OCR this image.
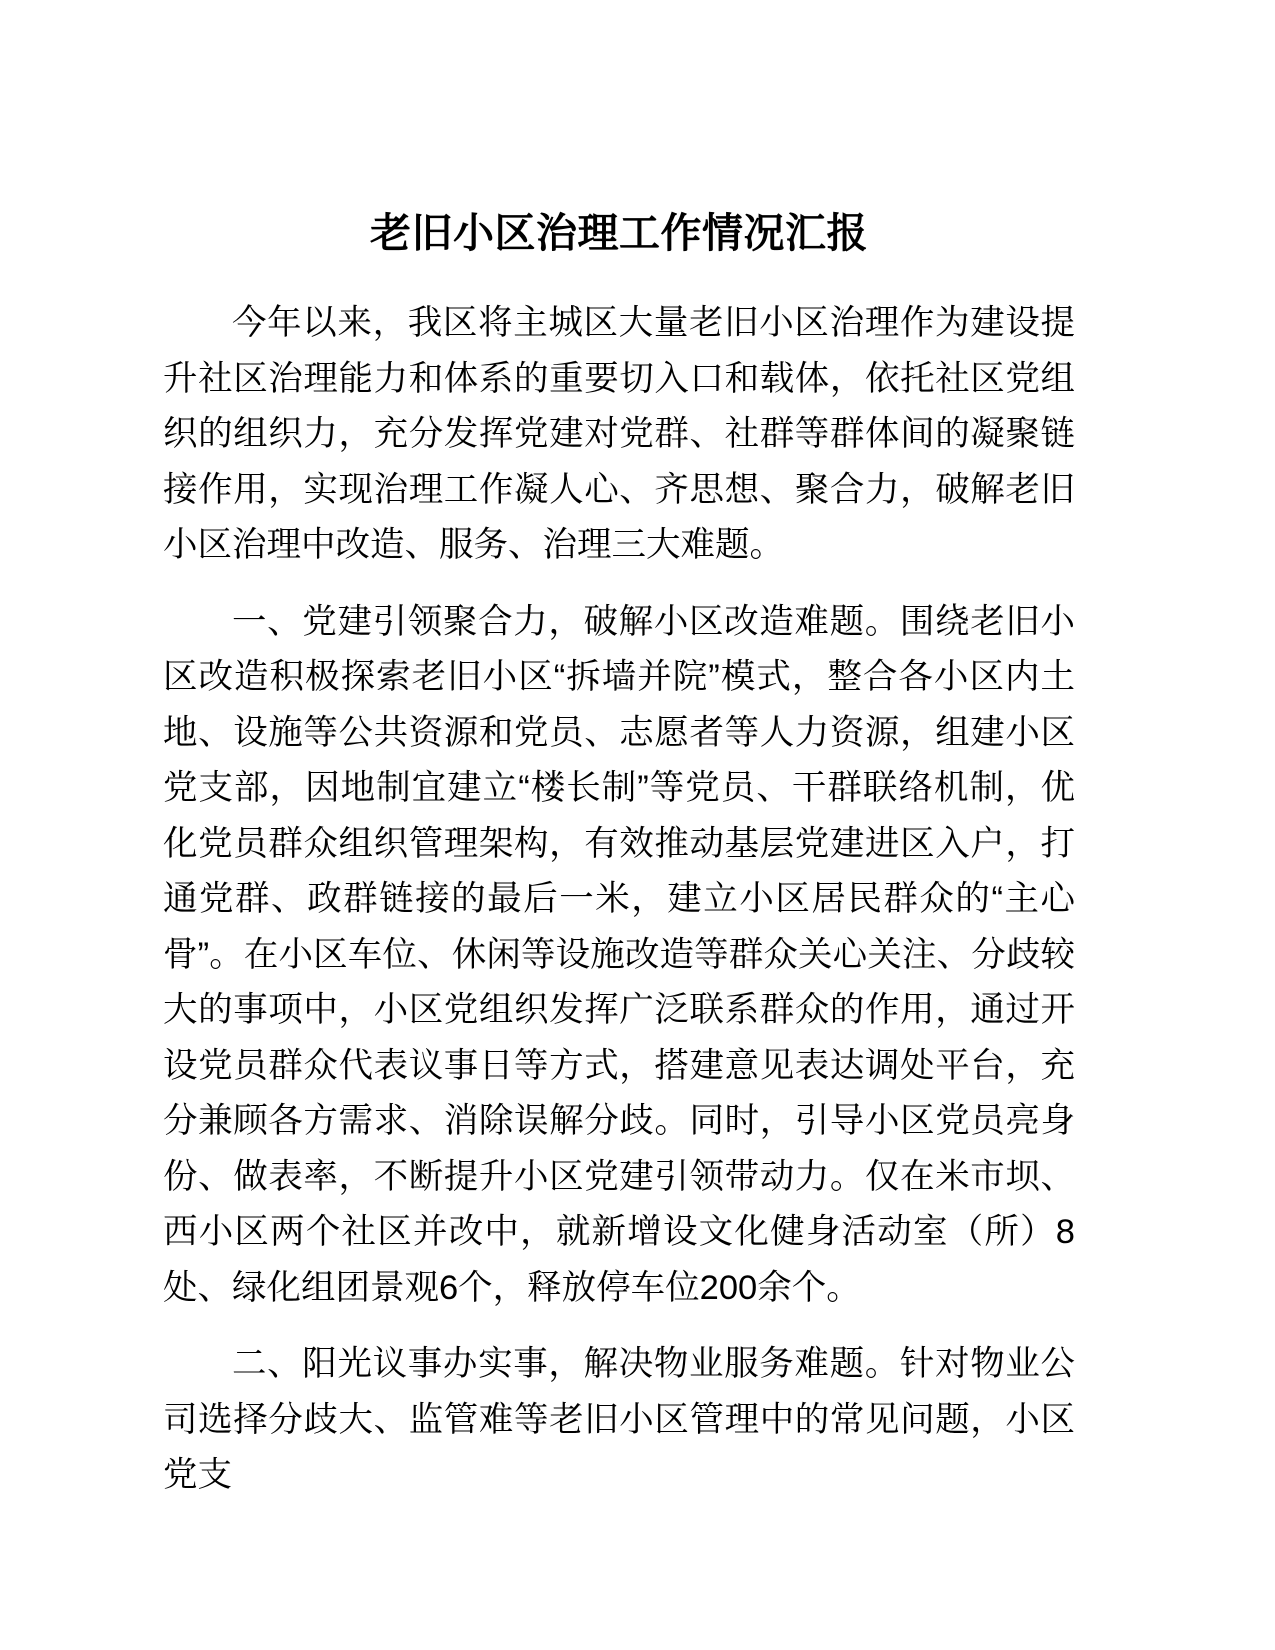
老旧小区治理工作情况汇报

今年以来，我区将主城区大量老旧小区治理作为建设提升社区治理能力和体系的重要切入口和载体，依托社区党组织的组织力，充分发挥党建对党群、社群等群体间的凝聚链接作用，实现治理工作凝人心、齐思想、聚合力，破解老旧小区治理中改造、服务、治理三大难题。

一、党建引领聚合力，破解小区改造难题。围绕老旧小区改造积极探索老旧小区“拆墙并院”模式，整合各小区内土地、设施等公共资源和党员、志愿者等人力资源，组建小区党支部，因地制宜建立“楼长制”等党员、干群联络机制，优化党员群众组织管理架构，有效推动基层党建进区入户，打通党群、政群链接的最后一米，建立小区居民群众的“主心骨”。在小区车位、休闲等设施改造等群众关心关注、分歧较大的事项中，小区党组织发挥广泛联系群众的作用，通过开设党员群众代表议事日等方式，搭建意见表达调处平台，充分兼顾各方需求、消除误解分歧。同时，引导小区党员亮身份、做表率，不断提升小区党建引领带动力。仅在米市坝、西小区两个社区并改中，就新增设文化健身活动室（所）8处、绿化组团景观6个，释放停车位200余个。

二、阳光议事办实事，解决物业服务难题。针对物业公司选择分歧大、监管难等老旧小区管理中的常见问题，小区党支
